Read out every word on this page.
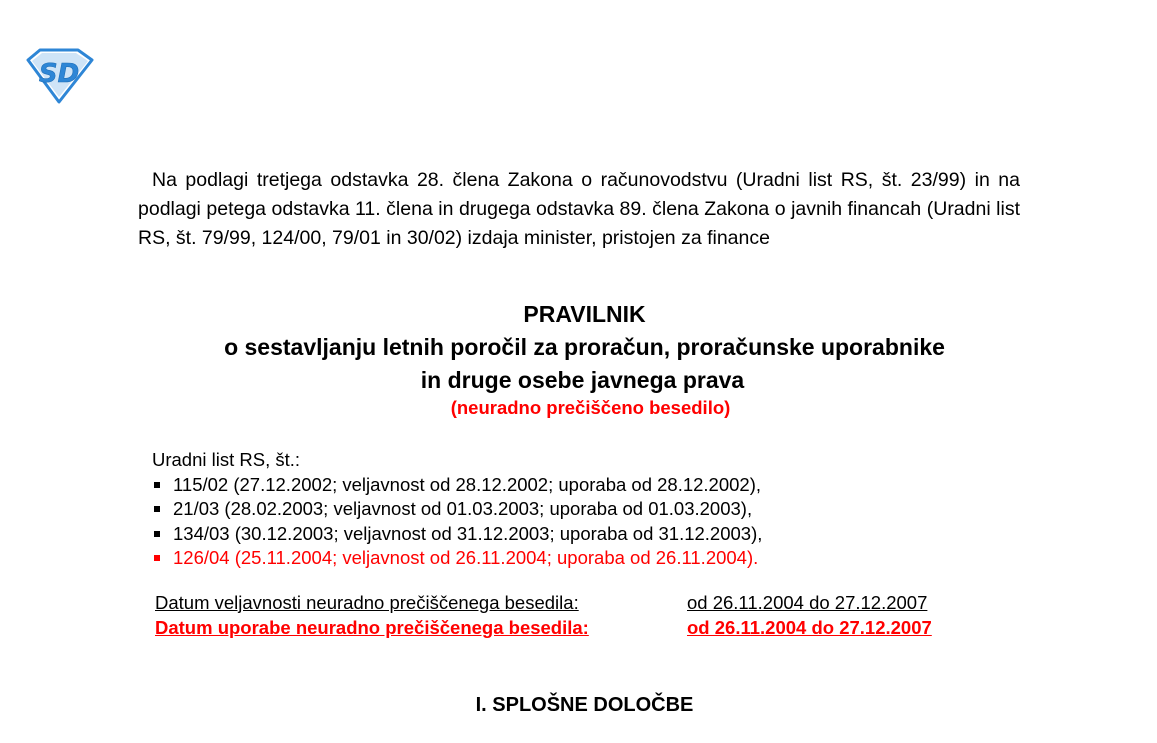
SD

Na podlagi tretjega odstavka 28. člena Zakona o računovodstvu (Uradni list RS, št. 23/99) in na podlagi petega odstavka 11. člena in drugega odstavka 89. člena Zakona o javnih financah (Uradni list RS, št. 79/99, 124/00, 79/01 in 30/02) izdaja minister, pristojen za finance

PRAVILNIK

o sestavljanju letnih poročil za proračun, proračunske uporabnike

in druge osebe javnega prava

(neuradno prečiščeno besedilo)

Uradni list RS, št.:

115/02 (27.12.2002; veljavnost od 28.12.2002; uporaba od 28.12.2002),
21/03 (28.02.2003; veljavnost od 01.03.2003; uporaba od 01.03.2003),
134/03 (30.12.2003; veljavnost od 31.12.2003; uporaba od 31.12.2003),
126/04 (25.11.2004; veljavnost od 26.11.2004; uporaba od 26.11.2004).
Datum veljavnosti neuradno prečiščenega besedila:	od 26.11.2004 do 27.12.2007
Datum uporabe neuradno prečiščenega besedila:	od 26.11.2004 do 27.12.2007

I. SPLOŠNE DOLOČBE
